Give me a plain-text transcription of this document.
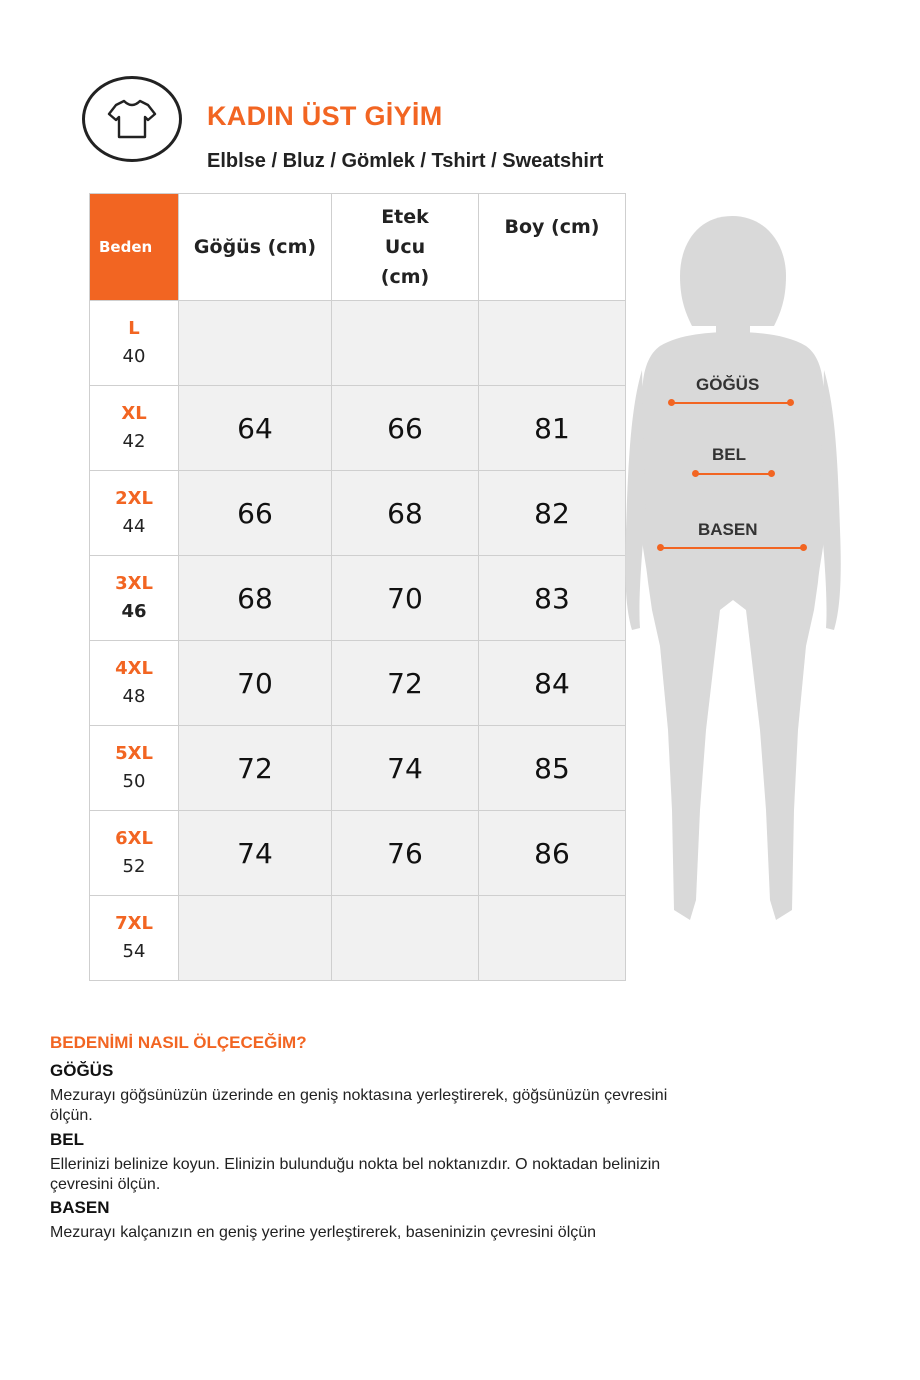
KADIN ÜST GİYİM
Elblse / Bluz / Gömlek / Tshirt / Sweatshirt
Beden	Göğüs (cm)	Etek Ucu (cm)	Boy (cm)

L
40			

XL
42	64	66	81

2XL
44	66	68	82

3XL
46	68	70	83

4XL
48	70	72	84

5XL
50	72	74	85

6XL
52	74	76	86

7XL
54			

GÖĞÜS
BEL
BASEN
BEDENİMİ NASIL ÖLÇECEĞİM?
GÖĞÜS
Mezurayı göğsünüzün üzerinde en geniş noktasına yerleştirerek, göğsünüzün çevresini ölçün.
BEL
Ellerinizi belinize koyun. Elinizin bulunduğu nokta bel noktanızdır. O noktadan belinizin çevresini ölçün.
BASEN
Mezurayı kalçanızın en geniş yerine yerleştirerek, baseninizin çevresini ölçün
